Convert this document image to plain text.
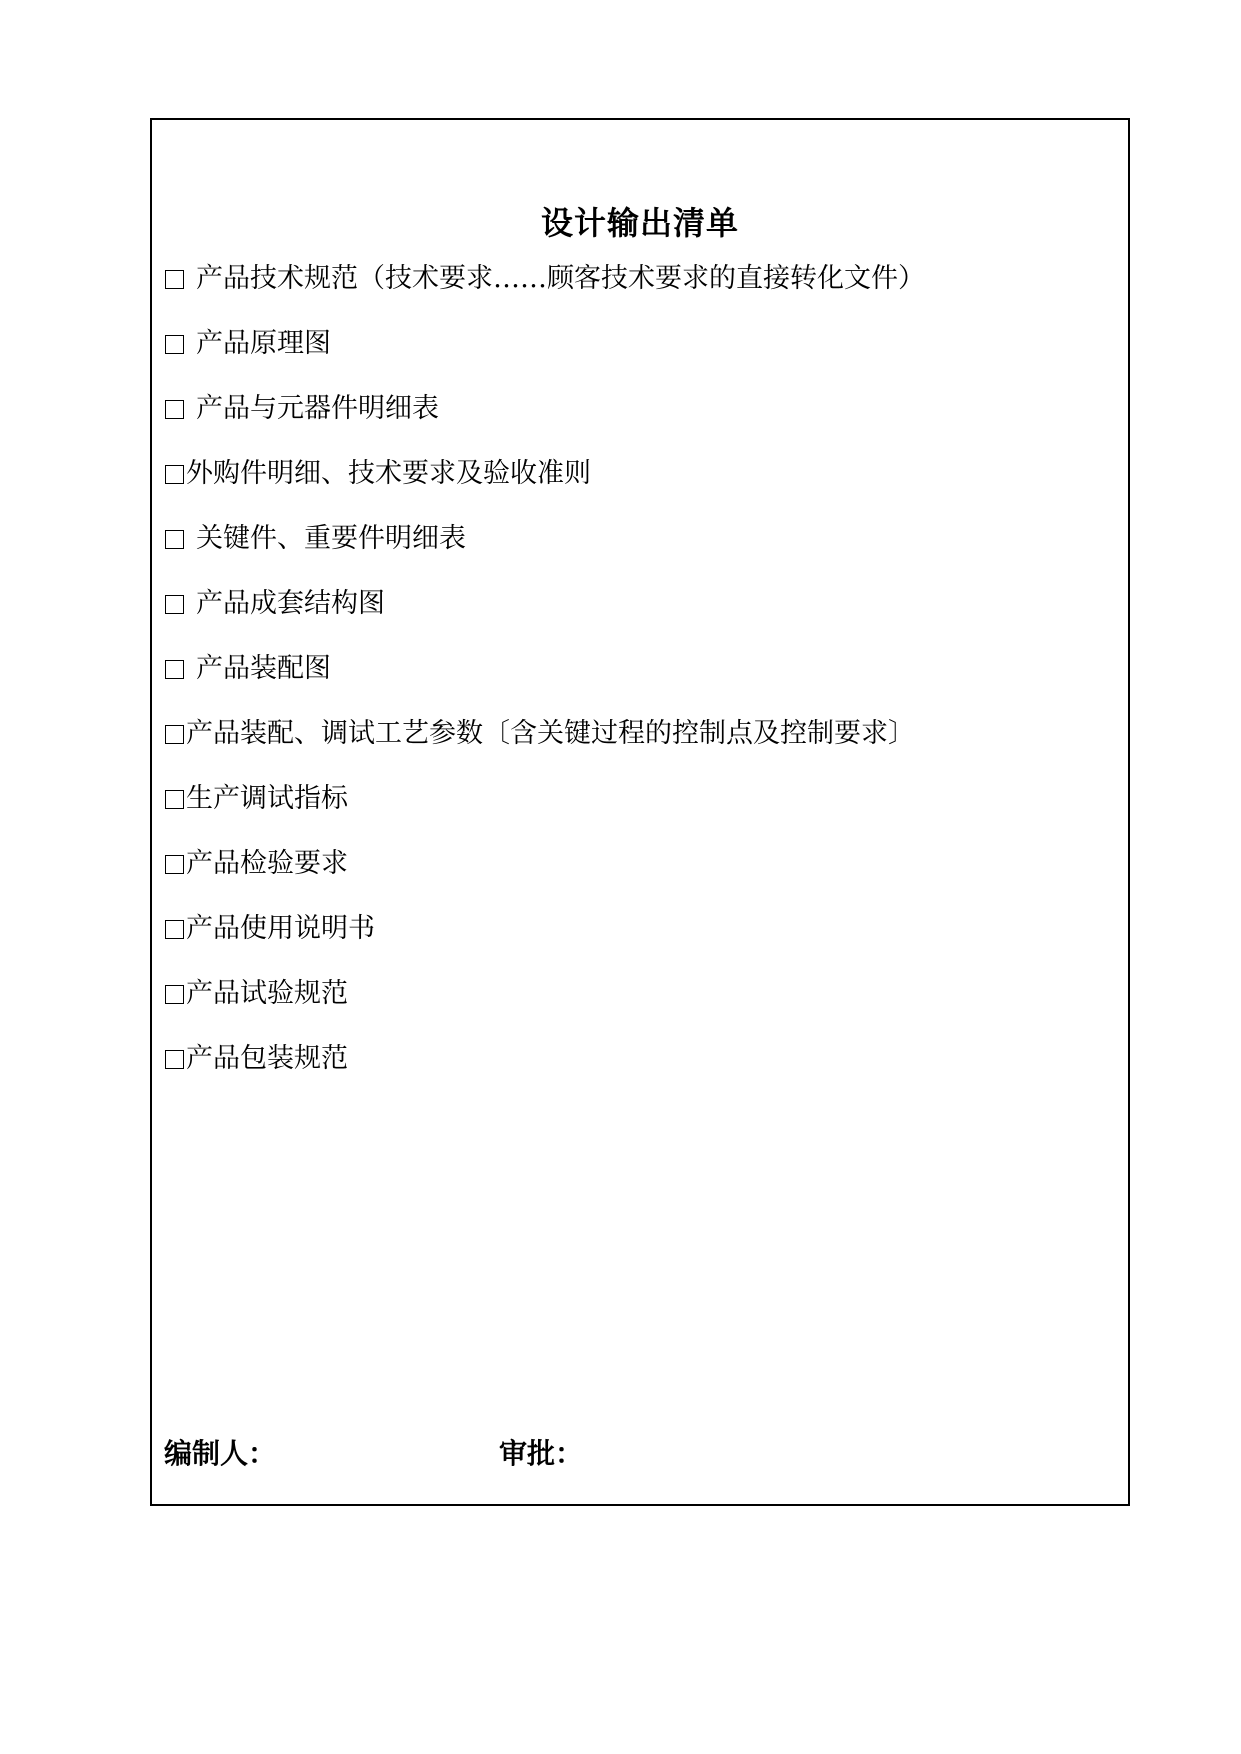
设计输出清单
产品技术规范（技术要求……顾客技术要求的直接转化文件）
产品原理图
产品与元器件明细表
外购件明细、技术要求及验收准则
关键件、重要件明细表
产品成套结构图
产品装配图
产品装配、调试工艺参数〔含关键过程的控制点及控制要求〕
生产调试指标
产品检验要求
产品使用说明书
产品试验规范
产品包装规范
编制人：	审批：
